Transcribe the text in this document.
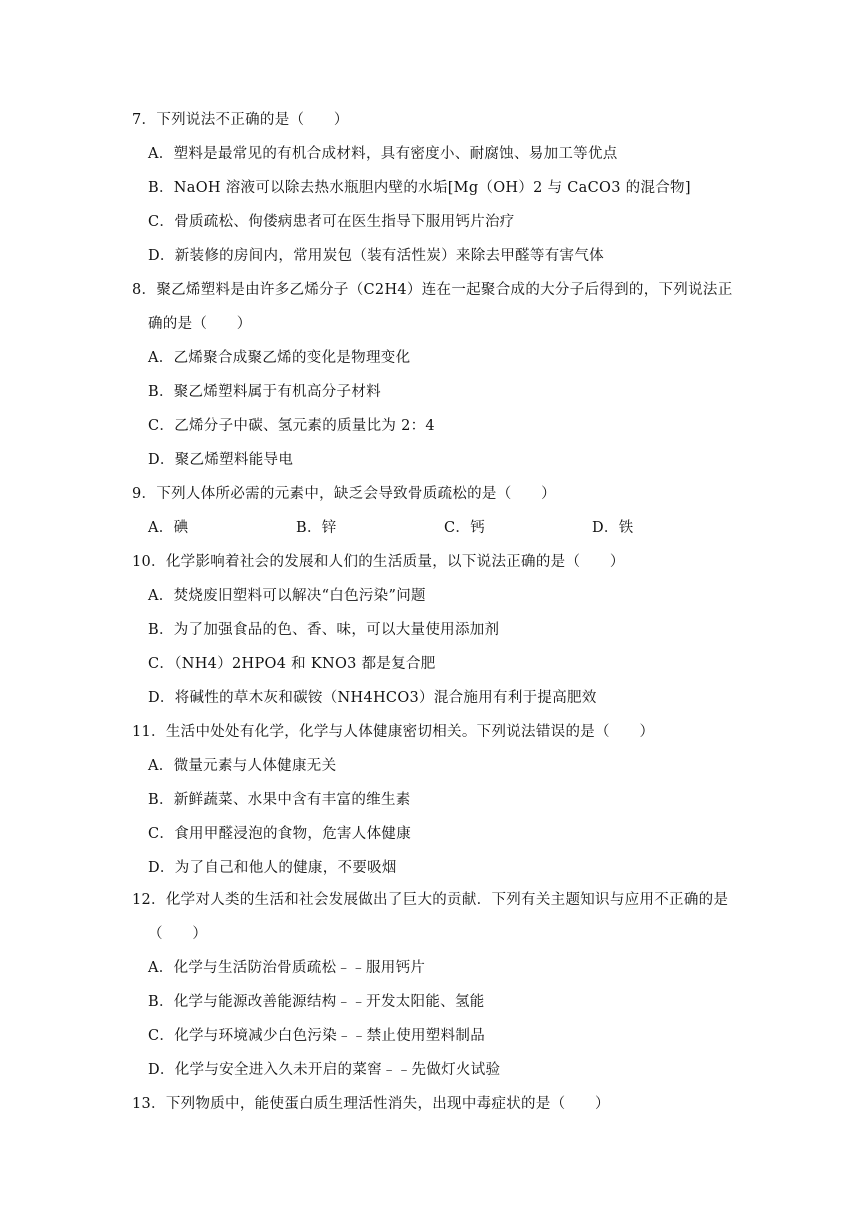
7．下列说法不正确的是（　　）
A．塑料是最常见的有机合成材料，具有密度小、耐腐蚀、易加工等优点
B．NaOH 溶液可以除去热水瓶胆内壁的水垢[Mg（OH）2 与 CaCO3 的混合物]
C．骨质疏松、佝偻病患者可在医生指导下服用钙片治疗
D．新装修的房间内，常用炭包（装有活性炭）来除去甲醛等有害气体
8．聚乙烯塑料是由许多乙烯分子（C2H4）连在一起聚合成的大分子后得到的，下列说法正
确的是（　　）
A．乙烯聚合成聚乙烯的变化是物理变化
B．聚乙烯塑料属于有机高分子材料
C．乙烯分子中碳、氢元素的质量比为 2：4
D．聚乙烯塑料能导电
9．下列人体所必需的元素中，缺乏会导致骨质疏松的是（　　）
A．碘	B．锌	C．钙	D．铁
10．化学影响着社会的发展和人们的生活质量，以下说法正确的是（　　）
A．焚烧废旧塑料可以解决“白色污染”问题
B．为了加强食品的色、香、味，可以大量使用添加剂
C．（NH4）2HPO4 和 KNO3 都是复合肥
D．将碱性的草木灰和碳铵（NH4HCO3）混合施用有利于提高肥效
11．生活中处处有化学，化学与人体健康密切相关。下列说法错误的是（　　）
A．微量元素与人体健康无关
B．新鲜蔬菜、水果中含有丰富的维生素
C．食用甲醛浸泡的食物，危害人体健康
D．为了自己和他人的健康，不要吸烟
12．化学对人类的生活和社会发展做出了巨大的贡献．下列有关主题知识与应用不正确的是
（　　）
A．化学与生活防治骨质疏松﹣﹣服用钙片
B．化学与能源改善能源结构﹣﹣开发太阳能、氢能
C．化学与环境减少白色污染﹣﹣禁止使用塑料制品
D．化学与安全进入久未开启的菜窖﹣﹣先做灯火试验
13．下列物质中，能使蛋白质生理活性消失，出现中毒症状的是（　　）
